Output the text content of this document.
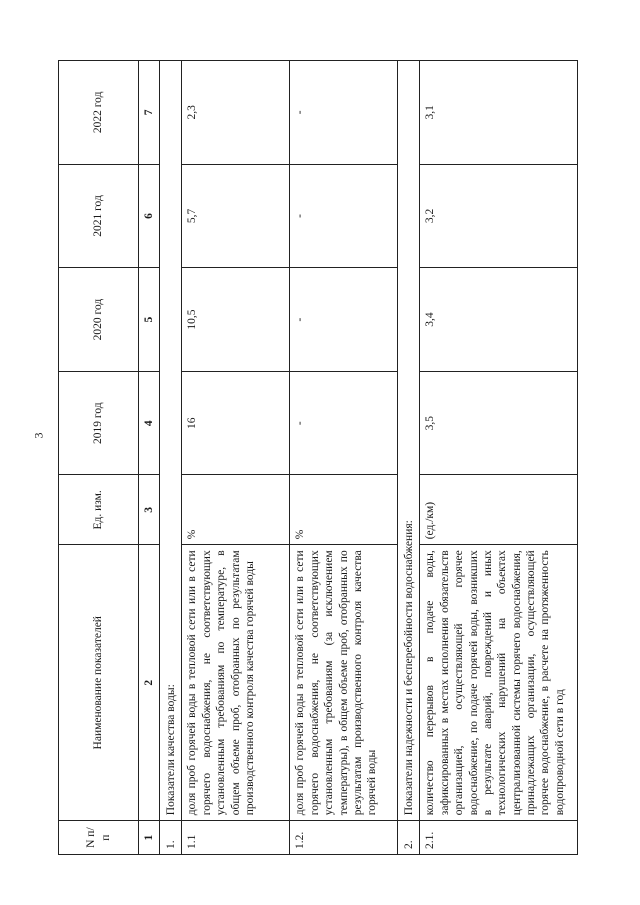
3
N п/п	Наименование показателей	Ед. изм.	2019 год	2020 год	2021 год	2022 год
1	2	3	4	5	6	7
1.	Показатели качества воды:					
1.1	доля проб горячей воды в тепловой сети или в сети горячего водоснабжения, не соответствующих установленным требованиям по температуре, в общем объеме проб, отобранных по результатам производственного контроля качества горячей воды	%	16	10,5	5,7	2,3
1.2.	доля проб горячей воды в тепловой сети или в сети горячего водоснабжения, не соответствующих установленным требованиям (за исключением температуры), в общем объеме проб, отобранных по результатам производственного контроля качества горячей воды	%	-	-	-	-
2.	Показатели надежности и бесперебойности водоснабжения:					
2.1.	количество перерывов в подаче воды, зафиксированных в местах исполнения обязательств организацией, осуществляющей горячее водоснабжение, по подаче горячей воды, возникших в результате аварий, повреждений и иных технологических нарушений на объектах централизованной системы горячего водоснабжения, принадлежащих организации, осуществляющей горячее водоснабжение, в расчете на протяженность водопроводной сети в год	(ед./км)	3,5	3,4	3,2	3,1
